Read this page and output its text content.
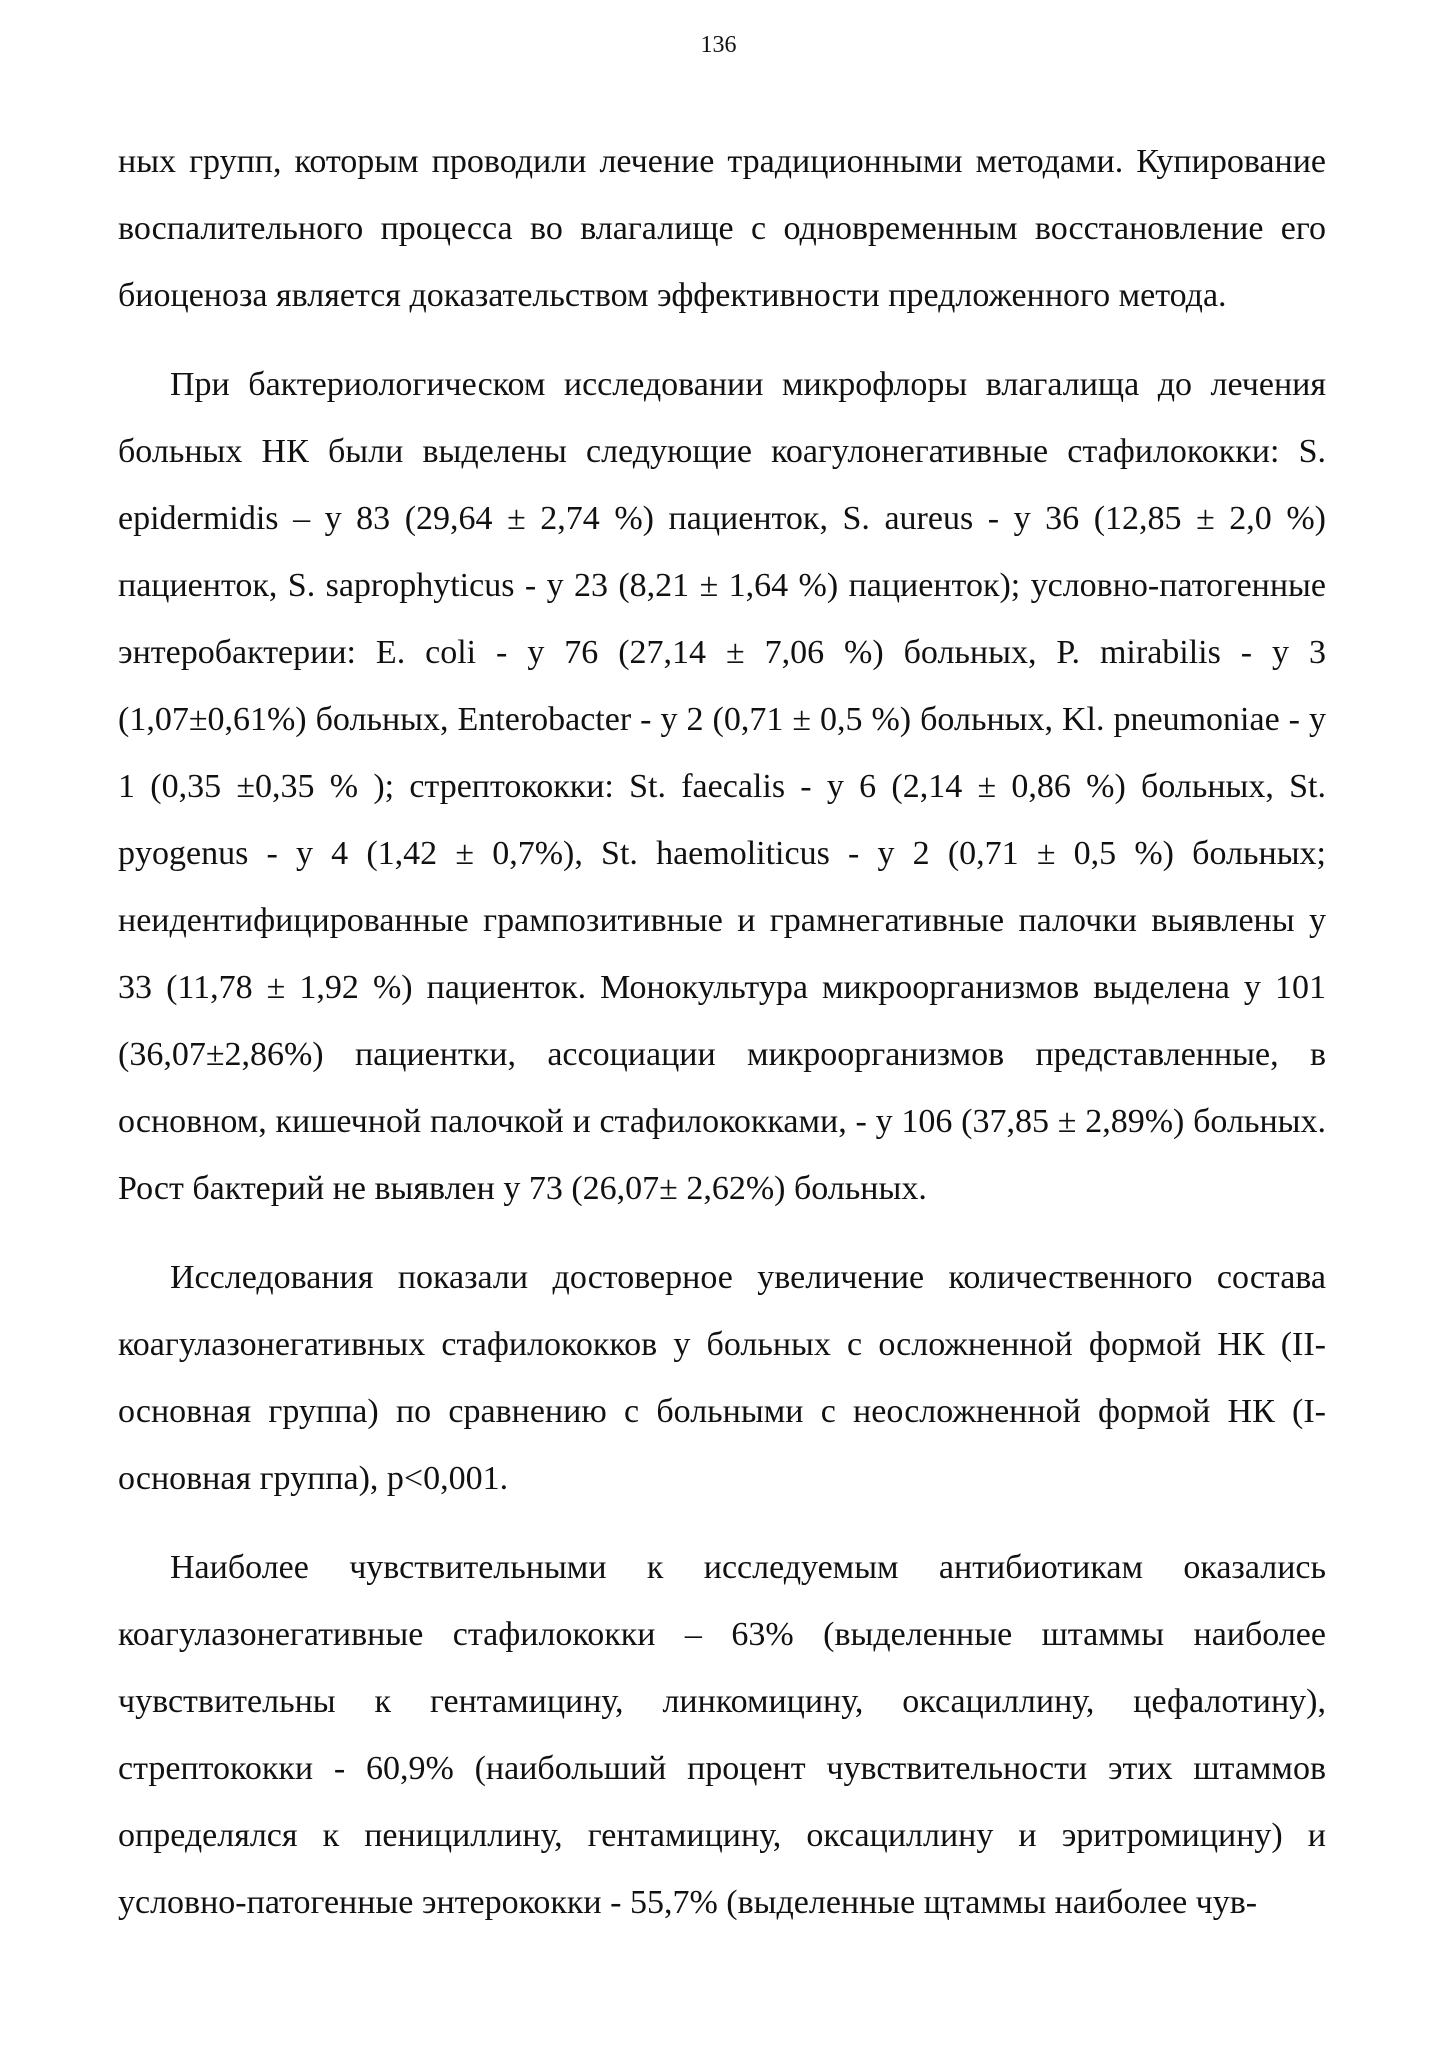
136

ных групп, которым проводили лечение традиционными методами. Купирование воспалительного процесса во влагалище с одновременным восстановление его биоценоза является доказательством эффективности предложенного метода.

При бактериологическом исследовании микрофлоры влагалища до лечения больных НК были выделены следующие коагулонегативные стафилококки: S. epidermidis – у 83 (29,64 ± 2,74 %) пациенток, S. aureus - у 36 (12,85 ± 2,0 %) пациенток, S. saprophyticus - у 23 (8,21 ± 1,64 %) пациенток); условно-патогенные энтеробактерии: E. coli - у 76 (27,14 ± 7,06 %) больных, P. mirabilis - у 3 (1,07±0,61%) больных, Enterobacter - у 2 (0,71 ± 0,5 %) больных, Kl. pneumoniae - у 1 (0,35 ±0,35 % ); стрептококки: St. faecalis - у 6 (2,14 ± 0,86 %) больных, St. pyogenus - у 4 (1,42 ± 0,7%), St. haemoliticus - у 2 (0,71 ± 0,5 %) больных; неидентифицированные грампозитивные и грамнегативные палочки выявлены у 33 (11,78 ± 1,92 %) пациенток. Монокультура микроорганизмов выделена у 101 (36,07±2,86%) пациентки, ассоциации микроорганизмов представленные, в основном, кишечной палочкой и стафилококками, - у 106 (37,85 ± 2,89%) больных. Рост бактерий не выявлен у 73 (26,07± 2,62%) больных.

Исследования показали достоверное увеличение количественного состава коагулазонегативных стафилококков у больных с осложненной формой НК (II- основная группа) по сравнению с больными с неосложненной формой НК (I- основная группа), p<0,001.

Наиболее чувствительными к исследуемым антибиотикам оказались коагулазонегативные стафилококки – 63% (выделенные штаммы наиболее чувствительны к гентамицину, линкомицину, оксациллину, цефалотину), стрептококки - 60,9% (наибольший процент чувствительности этих штаммов определялся к пенициллину, гентамицину, оксациллину и эритромицину) и условно-патогенные энтерококки - 55,7% (выделенные щтаммы наиболее чув-
